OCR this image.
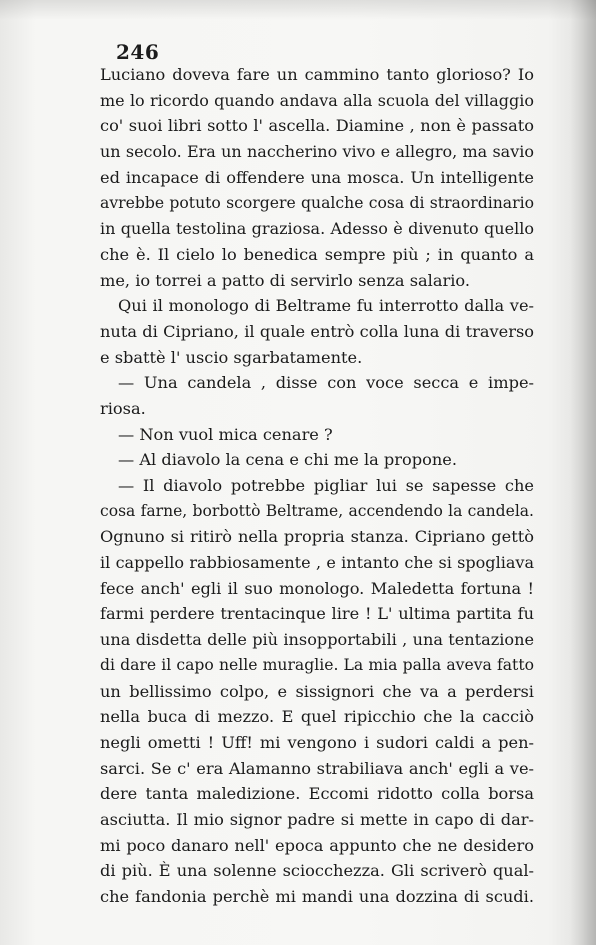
246
Luciano doveva fare un cammino tanto glorioso? Io
me lo ricordo quando andava alla scuola del villaggio
co' suoi libri sotto l' ascella. Diamine , non è passato
un secolo. Era un naccherino vivo e allegro, ma savio
ed incapace di offendere una mosca. Un intelligente
avrebbe potuto scorgere qualche cosa di straordinario
in quella testolina graziosa. Adesso è divenuto quello
che è. Il cielo lo benedica sempre più ; in quanto a
me, io torrei a patto di servirlo senza salario.
Qui il monologo di Beltrame fu interrotto dalla ve-
nuta di Cipriano, il quale entrò colla luna di traverso
e sbattè l' uscio sgarbatamente.
— Una candela , disse con voce secca e impe-
riosa.
— Non vuol mica cenare ?
— Al diavolo la cena e chi me la propone.
— Il diavolo potrebbe pigliar lui se sapesse che
cosa farne, borbottò Beltrame, accendendo la candela.
Ognuno si ritirò nella propria stanza. Cipriano gettò
il cappello rabbiosamente , e intanto che si spogliava
fece anch' egli il suo monologo. Maledetta fortuna !
farmi perdere trentacinque lire ! L' ultima partita fu
una disdetta delle più insopportabili , una tentazione
di dare il capo nelle muraglie. La mia palla aveva fatto
un bellissimo colpo, e sissignori che va a perdersi
nella buca di mezzo. E quel ripicchio che la cacciò
negli ometti ! Uff! mi vengono i sudori caldi a pen-
sarci. Se c' era Alamanno strabiliava anch' egli a ve-
dere tanta maledizione. Eccomi ridotto colla borsa
asciutta. Il mio signor padre si mette in capo di dar-
mi poco danaro nell' epoca appunto che ne desidero
di più. È una solenne sciocchezza. Gli scriverò qual-
che fandonia perchè mi mandi una dozzina di scudi.
